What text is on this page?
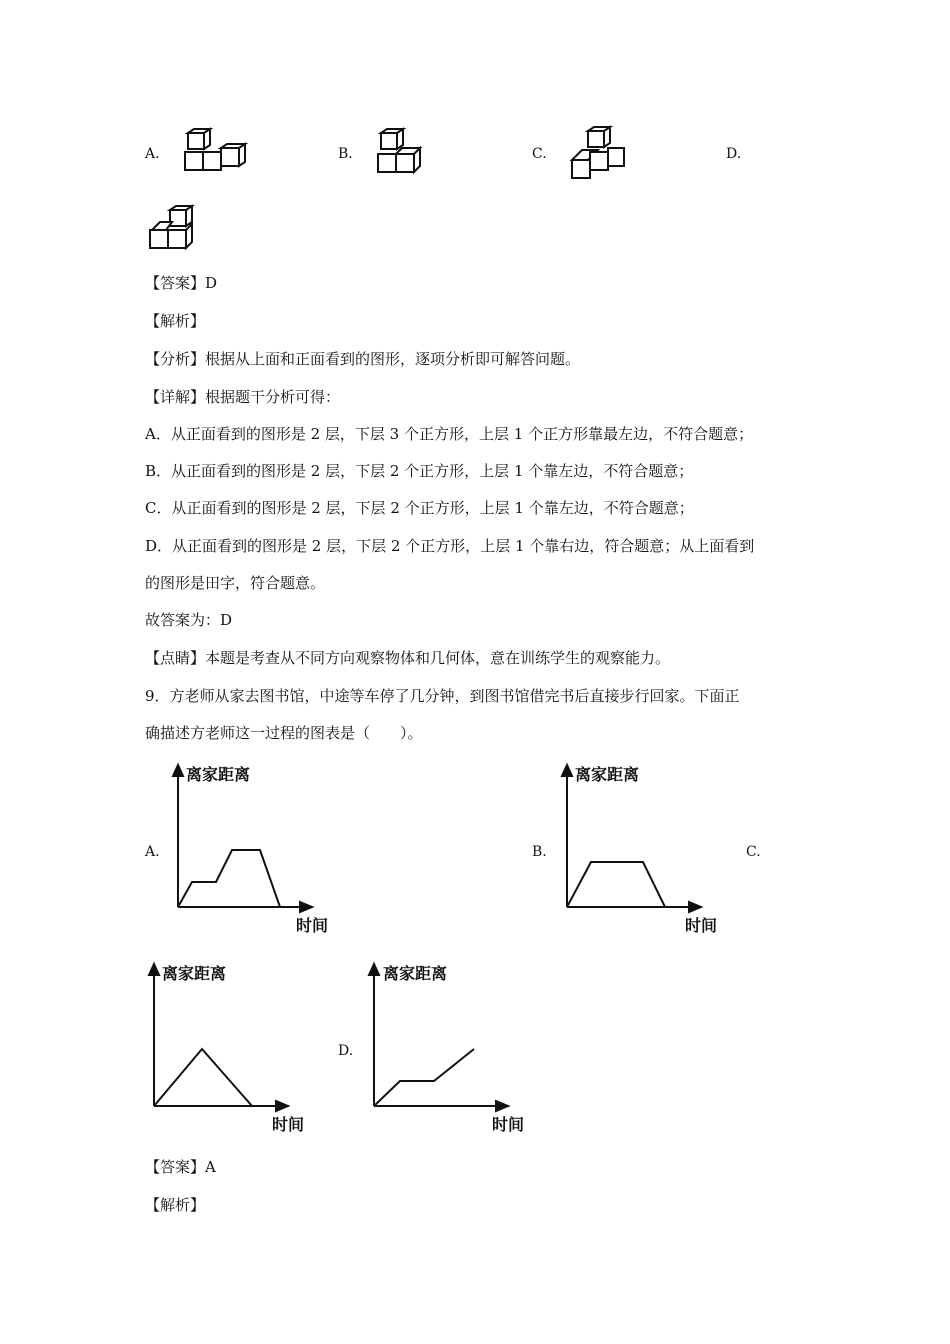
A.	B.	C.	D.
【答案】D
【解析】
【分析】根据从上面和正面看到的图形，逐项分析即可解答问题。
【详解】根据题干分析可得：
A．从正面看到的图形是 2 层，下层 3 个正方形，上层 1 个正方形靠最左边，不符合题意；
B．从正面看到的图形是 2 层，下层 2 个正方形，上层 1 个靠左边，不符合题意；
C．从正面看到的图形是 2 层，下层 2 个正方形，上层 1 个靠左边，不符合题意；
D．从正面看到的图形是 2 层，下层 2 个正方形，上层 1 个靠右边，符合题意；从上面看到
的图形是田字，符合题意。
故答案为：D
【点睛】本题是考查从不同方向观察物体和几何体，意在训练学生的观察能力。
9．方老师从家去图书馆，中途等车停了几分钟，到图书馆借完书后直接步行回家。下面正
确描述方老师这一过程的图表是（　　）。
A.
离家距离
时间
B.
离家距离
时间
C.
离家距离
时间
D.
离家距离
时间
【答案】A
【解析】
